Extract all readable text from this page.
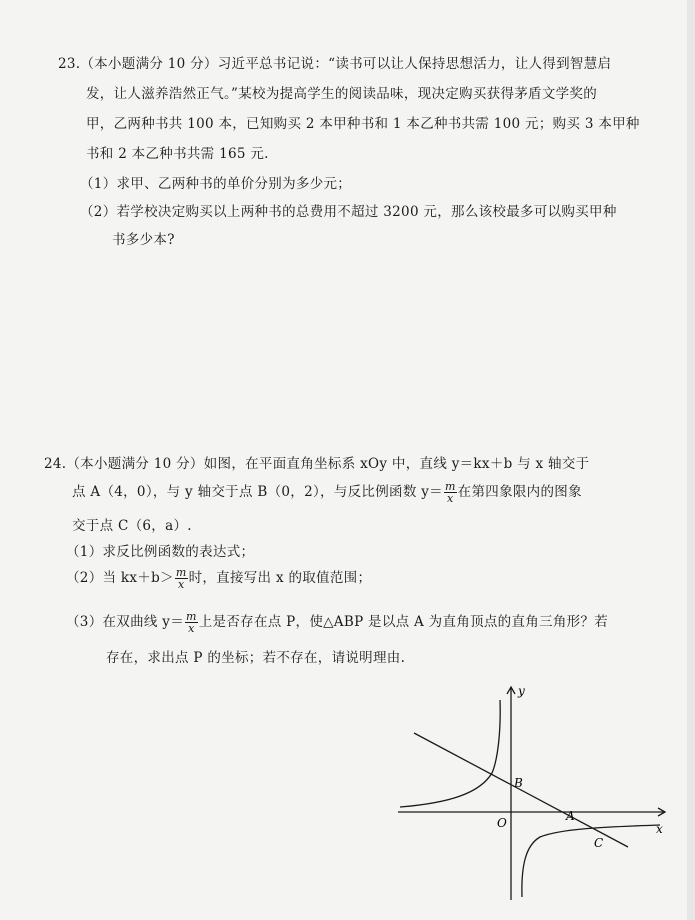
23.（本小题满分 10 分）习近平总书记说：“读书可以让人保持思想活力，让人得到智慧启
发，让人滋养浩然正气。”某校为提高学生的阅读品味，现决定购买获得茅盾文学奖的
甲，乙两种书共 100 本，已知购买 2 本甲种书和 1 本乙种书共需 100 元；购买 3 本甲种
书和 2 本乙种书共需 165 元.
（1）求甲、乙两种书的单价分别为多少元；
（2）若学校决定购买以上两种书的总费用不超过 3200 元，那么该校最多可以购买甲种
书多少本?
24.（本小题满分 10 分）如图，在平面直角坐标系 xOy 中，直线 y＝kx＋b 与 x 轴交于
点 A（4，0），与 y 轴交于点 B（0，2），与反比例函数 $y= \frac{m}{x}$ 在第四象限内的图象
交于点 C（6，a）.
（1）求反比例函数的表达式；
（2）当 $kx+b> \frac{m}{x}$ 时，直接写出 x 的取值范围；
（3）在双曲线 $y= \frac{m}{x}$ 上是否存在点 P，使△ABP 是以点 A 为直角顶点的直角三角形？若
存在，求出点 P 的坐标；若不存在，请说明理由.
y
x
O
B
A
C
